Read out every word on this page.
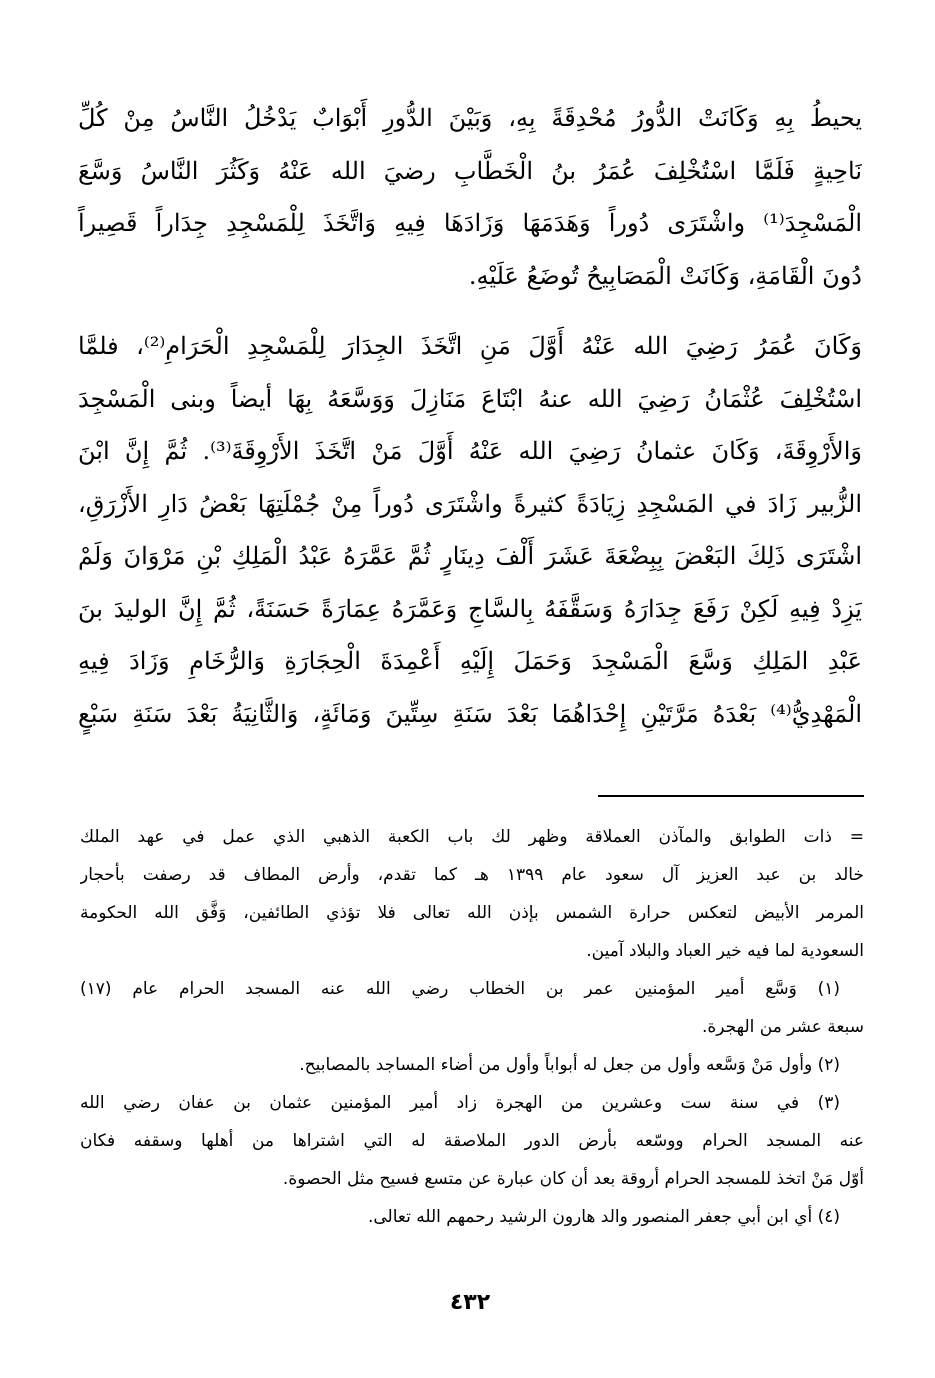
يحيطُ بِهِ وَكَانَتْ الدُّورُ مُحْدِقَةً بِهِ، وَبَيْنَ الدُّورِ أَبْوَابٌ يَدْخُلُ النَّاسُ مِنْ كُلِّ
نَاحِيةٍ فَلَمَّا اسْتُخْلِفَ عُمَرُ بنُ الْخَطَّابِ رضيَ الله عَنْهُ وَكَثُرَ النَّاسُ وَسَّعَ
الْمَسْجِدَ⁽¹⁾ واشْتَرَى دُوراً وَهَدَمَهَا وَزَادَهَا فِيهِ وَاتَّخَذَ لِلْمَسْجِدِ جِدَاراً قَصِيراً
دُونَ الْقَامَةِ، وَكَانَتْ الْمَصَابِيحُ تُوضَعُ عَلَيْهِ.
وَكَانَ عُمَرُ رَضِيَ الله عَنْهُ أَوَّلَ مَنِ اتَّخَذَ الجِدَارَ لِلْمَسْجِدِ الْحَرَامِ⁽²⁾، فلمَّا
اسْتُخْلِفَ عُثْمَانُ رَضِيَ الله عنهُ ابْتَاعَ مَنَازِلَ وَوَسَّعَهُ بِهَا أيضاً وبنى الْمَسْجِدَ
وَالأَرْوِقَةَ، وَكَانَ عثمانُ رَضِيَ الله عَنْهُ أَوَّلَ مَنْ اتَّخَذَ الأَرْوِقَةَ⁽³⁾. ثُمَّ إِنَّ ابْنَ
الزُّبير زَادَ في المَسْجِدِ زِيَادَةً كثيرةً واشْتَرَى دُوراً مِنْ جُمْلَتِهَا بَعْضُ دَارِ الأَزْرَقِ،
اشْتَرَى ذَلِكَ البَعْضَ بِبِضْعَةَ عَشَرَ أَلْفَ دِينَارٍ ثُمَّ عَمَّرَهُ عَبْدُ الْمَلِكِ بْنِ مَرْوَانَ وَلَمْ
يَزِدْ فِيهِ لَكِنْ رَفَعَ جِدَارَهُ وَسَقَّفَهُ بِالسَّاجِ وَعَمَّرَهُ عِمَارَةً حَسَنَةً، ثُمَّ إِنَّ الوليدَ بنَ
عَبْدِ المَلِكِ وَسَّعَ الْمَسْجِدَ وَحَمَلَ إِلَيْهِ أَعْمِدَةَ الْحِجَارَةِ وَالرُّخَامِ وَزَادَ فِيهِ
الْمَهْدِيُّ⁽⁴⁾ بَعْدَهُ مَرَّتَيْنِ إِحْدَاهُمَا بَعْدَ سَنَةِ سِتِّينَ وَمَائَةٍ، وَالثَّانِيَةُ بَعْدَ سَنَةِ سَبْعٍ
= ذات الطوابق والمآذن العملاقة وظهر لك باب الكعبة الذهبي الذي عمل في عهد الملك
خالد بن عبد العزيز آل سعود عام ١٣٩٩ هـ كما تقدم، وأرض المطاف قد رصفت بأحجار
المرمر الأبيض لتعكس حرارة الشمس بإذن الله تعالى فلا تؤذي الطائفين، وَفَّق الله الحكومة
السعودية لما فيه خير العباد والبلاد آمين.
(١) وَسَّع أمير المؤمنين عمر بن الخطاب رضي الله عنه المسجد الحرام عام (١٧)
سبعة عشر من الهجرة.
(٢) وأول مَنْ وَسَّعه وأول من جعل له أبواباً وأول من أضاء المساجد بالمصابيح.
(٣) في سنة ست وعشرين من الهجرة زاد أمير المؤمنين عثمان بن عفان رضي الله
عنه المسجد الحرام ووسّعه بأرض الدور الملاصقة له التي اشتراها من أهلها وسقفه فكان
أوّل مَنْ اتخذ للمسجد الحرام أروقة بعد أن كان عبارة عن متسع فسيح مثل الحصوة.
(٤) أي ابن أبي جعفر المنصور والد هارون الرشيد رحمهم الله تعالى.
٤٣٢
